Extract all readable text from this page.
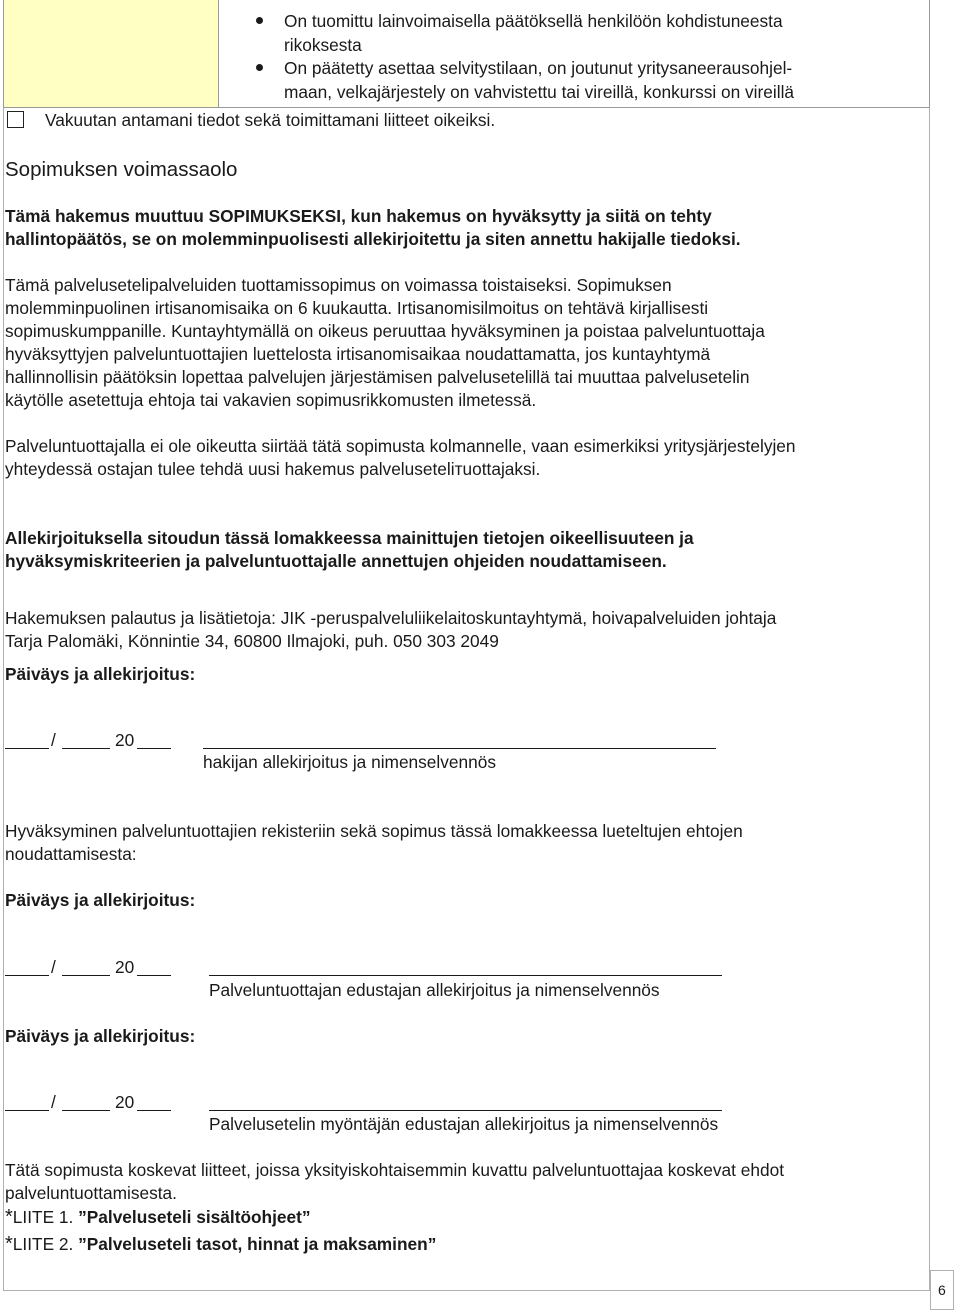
On tuomittu lainvoimaisella päätöksellä henkilöön kohdistuneesta
rikoksesta
On päätetty asettaa selvitystilaan, on joutunut yritysaneerausohjel-
maan, velkajärjestely on vahvistettu tai vireillä, konkurssi on vireillä
Vakuutan antamani tiedot sekä toimittamani liitteet oikeiksi.
Sopimuksen voimassaolo
Tämä hakemus muuttuu SOPIMUKSEKSI, kun hakemus on hyväksytty ja siitä on tehty
hallintopäätös, se on molemminpuolisesti allekirjoitettu ja siten annettu hakijalle tiedoksi.
Tämä palvelusetelipalveluiden tuottamissopimus on voimassa toistaiseksi. Sopimuksen
molemminpuolinen irtisanomisaika on 6 kuukautta. Irtisanomisilmoitus on tehtävä kirjallisesti
sopimuskumppanille. Kuntayhtymällä on oikeus peruuttaa hyväksyminen ja poistaa palveluntuottaja
hyväksyttyjen palveluntuottajien luettelosta irtisanomisaikaa noudattamatta, jos kuntayhtymä
hallinnollisin päätöksin lopettaa palvelujen järjestämisen palvelusetelillä tai muuttaa palvelusetelin
käytölle asetettuja ehtoja tai vakavien sopimusrikkomusten ilmetessä.
Palveluntuottajalla ei ole oikeutta siirtää tätä sopimusta kolmannelle, vaan esimerkiksi yritysjärjestelyjen
yhteydessä ostajan tulee tehdä uusi hakemus palveluseteliтuottajaksi.
Allekirjoituksella sitoudun tässä lomakkeessa mainittujen tietojen oikeellisuuteen ja
hyväksymiskriteerien ja palveluntuottajalle annettujen ohjeiden noudattamiseen.
Hakemuksen palautus ja lisätietoja: JIK -peruspalveluliikelaitoskuntayhtymä, hoivapalveluiden johtaja
Tarja Palomäki, Könnintie 34, 60800 Ilmajoki, puh. 050 303 2049
Päiväys ja allekirjoitus:
/	20
hakijan allekirjoitus ja nimenselvennös
Hyväksyminen palveluntuottajien rekisteriin sekä sopimus tässä lomakkeessa lueteltujen ehtojen
noudattamisesta:
Päiväys ja allekirjoitus:
/	20
Palveluntuottajan edustajan allekirjoitus ja nimenselvennös
Päiväys ja allekirjoitus:
/	20
Palvelusetelin myöntäjän edustajan allekirjoitus ja nimenselvennös
Tätä sopimusta koskevat liitteet, joissa yksityiskohtaisemmin kuvattu palveluntuottajaa koskevat ehdot
palveluntuottamisesta.
*LIITE 1. ”Palveluseteli sisältöohjeet”
*LIITE 2. ”Palveluseteli tasot, hinnat ja maksaminen”
6
